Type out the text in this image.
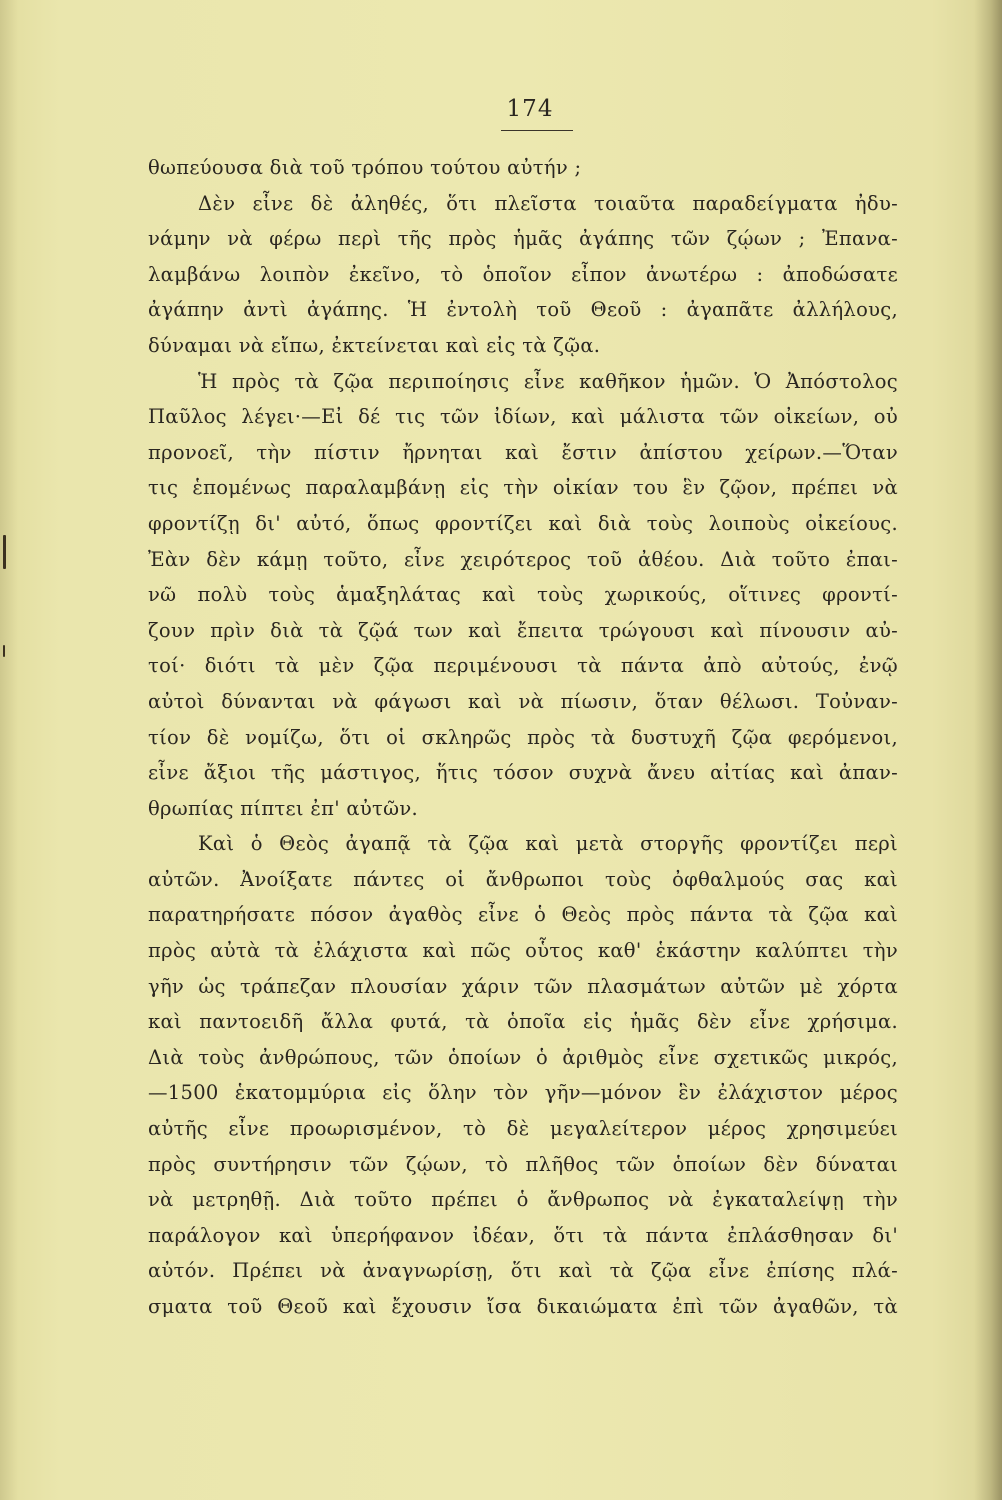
174
θωπεύουσα διὰ τοῦ τρόπου τούτου αὐτήν ;
Δὲν εἶνε δὲ ἀληθές, ὅτι πλεῖστα τοιαῦτα παραδείγματα ἠδυ-
νάμην νὰ φέρω περὶ τῆς πρὸς ἡμᾶς ἀγάπης τῶν ζῴων ; Ἐπανα-
λαμβάνω λοιπὸν ἐκεῖνο, τὸ ὁποῖον εἶπον ἀνωτέρω : ἀποδώσατε
ἀγάπην ἀντὶ ἀγάπης. Ἡ ἐντολὴ τοῦ Θεοῦ : ἀγαπᾶτε ἀλλήλους,
δύναμαι νὰ εἴπω, ἐκτείνεται καὶ εἰς τὰ ζῷα.
Ἡ πρὸς τὰ ζῷα περιποίησις εἶνε καθῆκον ἡμῶν. Ὁ Ἀπόστολος
Παῦλος λέγει·—Εἰ δέ τις τῶν ἰδίων, καὶ μάλιστα τῶν οἰκείων, οὐ
προνοεῖ, τὴν πίστιν ἤρνηται καὶ ἔστιν ἀπίστου χείρων.—Ὅταν
τις ἑπομένως παραλαμβάνῃ εἰς τὴν οἰκίαν του ἓν ζῷον, πρέπει νὰ
φροντίζῃ δι' αὐτό, ὅπως φροντίζει καὶ διὰ τοὺς λοιποὺς οἰκείους.
Ἐὰν δὲν κάμῃ τοῦτο, εἶνε χειρότερος τοῦ ἀθέου. Διὰ τοῦτο ἐπαι-
νῶ πολὺ τοὺς ἁμαξηλάτας καὶ τοὺς χωρικούς, οἵτινες φροντί-
ζουν πρὶν διὰ τὰ ζῷά των καὶ ἔπειτα τρώγουσι καὶ πίνουσιν αὐ-
τοί· διότι τὰ μὲν ζῷα περιμένουσι τὰ πάντα ἀπὸ αὐτούς, ἐνῷ
αὐτοὶ δύνανται νὰ φάγωσι καὶ νὰ πίωσιν, ὅταν θέλωσι. Τοὐναν-
τίον δὲ νομίζω, ὅτι οἱ σκληρῶς πρὸς τὰ δυστυχῆ ζῷα φερόμενοι,
εἶνε ἄξιοι τῆς μάστιγος, ἥτις τόσον συχνὰ ἄνευ αἰτίας καὶ ἀπαν-
θρωπίας πίπτει ἐπ' αὐτῶν.
Καὶ ὁ Θεὸς ἀγαπᾷ τὰ ζῷα καὶ μετὰ στοργῆς φροντίζει περὶ
αὐτῶν. Ἀνοίξατε πάντες οἱ ἄνθρωποι τοὺς ὀφθαλμούς σας καὶ
παρατηρήσατε πόσον ἀγαθὸς εἶνε ὁ Θεὸς πρὸς πάντα τὰ ζῷα καὶ
πρὸς αὐτὰ τὰ ἐλάχιστα καὶ πῶς οὗτος καθ' ἑκάστην καλύπτει τὴν
γῆν ὡς τράπεζαν πλουσίαν χάριν τῶν πλασμάτων αὐτῶν μὲ χόρτα
καὶ παντοειδῆ ἄλλα φυτά, τὰ ὁποῖα εἰς ἡμᾶς δὲν εἶνε χρήσιμα.
Διὰ τοὺς ἀνθρώπους, τῶν ὁποίων ὁ ἀριθμὸς εἶνε σχετικῶς μικρός,
—1500 ἑκατομμύρια εἰς ὅλην τὸν γῆν—μόνον ἓν ἐλάχιστον μέρος
αὐτῆς εἶνε προωρισμένον, τὸ δὲ μεγαλείτερον μέρος χρησιμεύει
πρὸς συντήρησιν τῶν ζῴων, τὸ πλῆθος τῶν ὁποίων δὲν δύναται
νὰ μετρηθῇ. Διὰ τοῦτο πρέπει ὁ ἄνθρωπος νὰ ἐγκαταλείψῃ τὴν
παράλογον καὶ ὑπερήφανον ἰδέαν, ὅτι τὰ πάντα ἐπλάσθησαν δι'
αὐτόν. Πρέπει νὰ ἀναγνωρίσῃ, ὅτι καὶ τὰ ζῷα εἶνε ἐπίσης πλά-
σματα τοῦ Θεοῦ καὶ ἔχουσιν ἴσα δικαιώματα ἐπὶ τῶν ἀγαθῶν, τὰ
